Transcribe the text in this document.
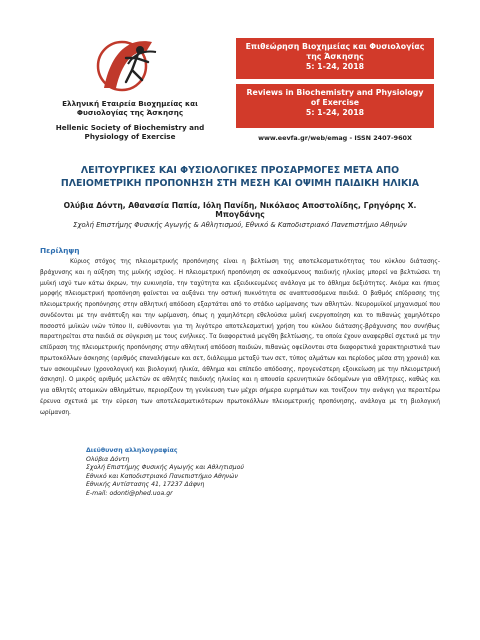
Ελληνική Εταιρεία Βιοχημείας και Φυσιολογίας της Άσκησης
Hellenic Society of Biochemistry and Physiology of Exercise
Επιθεώρηση Βιοχημείας και Φυσιολογίας της Άσκησης
5: 1-24, 2018
Reviews in Biochemistry and Physiology of Exercise
5: 1-24, 2018
www.eevfa.gr/web/emag - ISSN 2407-960X
ΛΕΙΤΟΥΡΓΙΚΕΣ ΚΑΙ ΦΥΣΙΟΛΟΓΙΚΕΣ ΠΡΟΣΑΡΜΟΓΕΣ ΜΕΤΑ ΑΠΟ ΠΛΕΙΟΜΕΤΡΙΚΗ ΠΡΟΠΟΝΗΣΗ ΣΤΗ ΜΕΣΗ ΚΑΙ ΟΨΙΜΗ ΠΑΙΔΙΚΗ ΗΛΙΚΙΑ
Ολύβια Δόντη, Αθανασία Παπία, Ιόλη Πανίδη, Νικόλαος Αποστολίδης, Γρηγόρης Χ. Μπογδάνης
Σχολή Επιστήμης Φυσικής Αγωγής & Αθλητισμού, Εθνικό & Καποδιστριακό Πανεπιστήμιο Αθηνών
Περίληψη

Κύριος στόχος της πλειομετρικής προπόνησης είναι η βελτίωση της αποτελεσματικότητας του κύκλου διάτασης-βράχυνσης και η αύξηση της μυϊκής ισχύος. Η πλειομετρική προπόνηση σε ασκούμενους παιδικής ηλικίας μπορεί να βελτιώσει τη μυϊκή ισχύ των κάτω άκρων, την ευκινησία, την ταχύτητα και εξειδικευμένες ανάλογα με το άθλημα δεξιότητες. Ακόμα και ήπιας μορφής πλειομετρική προπόνηση φαίνεται να αυξάνει την οστική πυκνότητα σε αναπτυσσόμενα παιδιά. Ο βαθμός επίδρασης της πλειομετρικής προπόνησης στην αθλητική απόδοση εξαρτάται από το στάδιο ωρίμανσης των αθλητών. Νευρομυϊκοί μηχανισμοί που συνδέονται με την ανάπτυξη και την ωρίμανση, όπως η χαμηλότερη εθελούσια μυϊκή ενεργοποίηση και το πιθανώς χαμηλότερο ποσοστό μυϊκών ινών τύπου ΙΙ, ευθύνονται για τη λιγότερο αποτελεσματική χρήση του κύκλου διάτασης-βράχυνσης που συνήθως παρατηρείται στα παιδιά σε σύγκριση με τους ενήλικες. Τα διαφορετικά μεγέθη βελτίωσης, τα οποία έχουν αναφερθεί σχετικά με την επίδραση της πλειομετρικής προπόνησης στην αθλητική απόδοση παιδιών, πιθανώς οφείλονται στα διαφορετικά χαρακτηριστικά των πρωτοκόλλων άσκησης (αριθμός επαναλήψεων και σετ, διάλειμμα μεταξύ των σετ, τύπος αλμάτων και περίοδος μέσα στη χρονιά) και των ασκουμένων (χρονολογική και βιολογική ηλικία, άθλημα και επίπεδο απόδοσης, προγενέστερη εξοικείωση με την πλειομετρική άσκηση). Ο μικρός αριθμός μελετών σε αθλητές παιδικής ηλικίας και η απουσία ερευνητικών δεδομένων για αθλήτριες, καθώς και για αθλητές ατομικών αθλημάτων, περιορίζουν τη γενίκευση των μέχρι σήμερα ευρημάτων και τονίζουν την ανάγκη για περαιτέρω έρευνα σχετικά με την εύρεση των αποτελεσματικότερων πρωτοκόλλων πλειομετρικής προπόνησης, ανάλογα με τη βιολογική ωρίμανση.

Διεύθυνση αλληλογραφίας
Ολύβια Δόντη
Σχολή Επιστήμης Φυσικής Αγωγής και Αθλητισμού
Εθνικό και Καποδιστριακό Πανεπιστήμιο Αθηνών
Εθνικής Αντίστασης 41, 17237 Δάφνη
E-mail: odonti@phed.uoa.gr
